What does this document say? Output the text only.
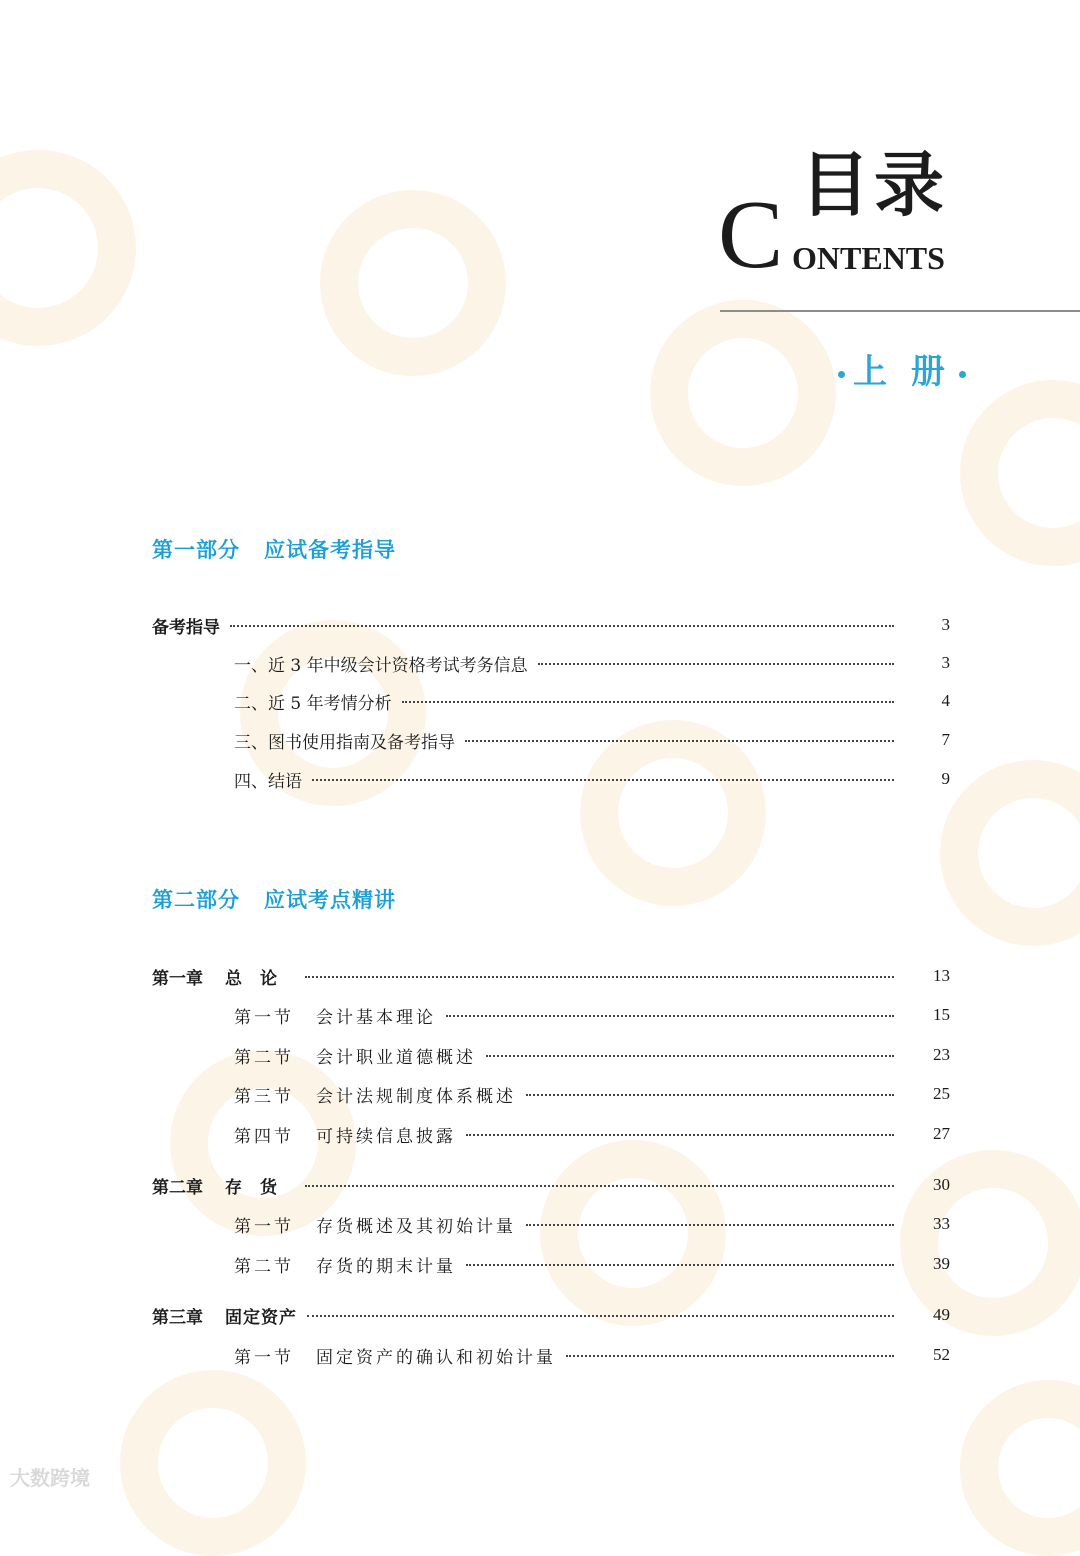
C 目录
ONTENTS
上 册
第一部分 应试备考指导
备考指导	3
一、近 3 年中级会计资格考试考务信息	3
二、近 5 年考情分析	4
三、图书使用指南及备考指导	7
四、结语	9
第二部分 应试考点精讲
第一章 总论	13
第一节 会计基本理论	15
第二节 会计职业道德概述	23
第三节 会计法规制度体系概述	25
第四节 可持续信息披露	27
第二章 存货	30
第一节 存货概述及其初始计量	33
第二节 存货的期末计量	39
第三章 固定资产	49
第一节 固定资产的确认和初始计量	52
大数跨境
